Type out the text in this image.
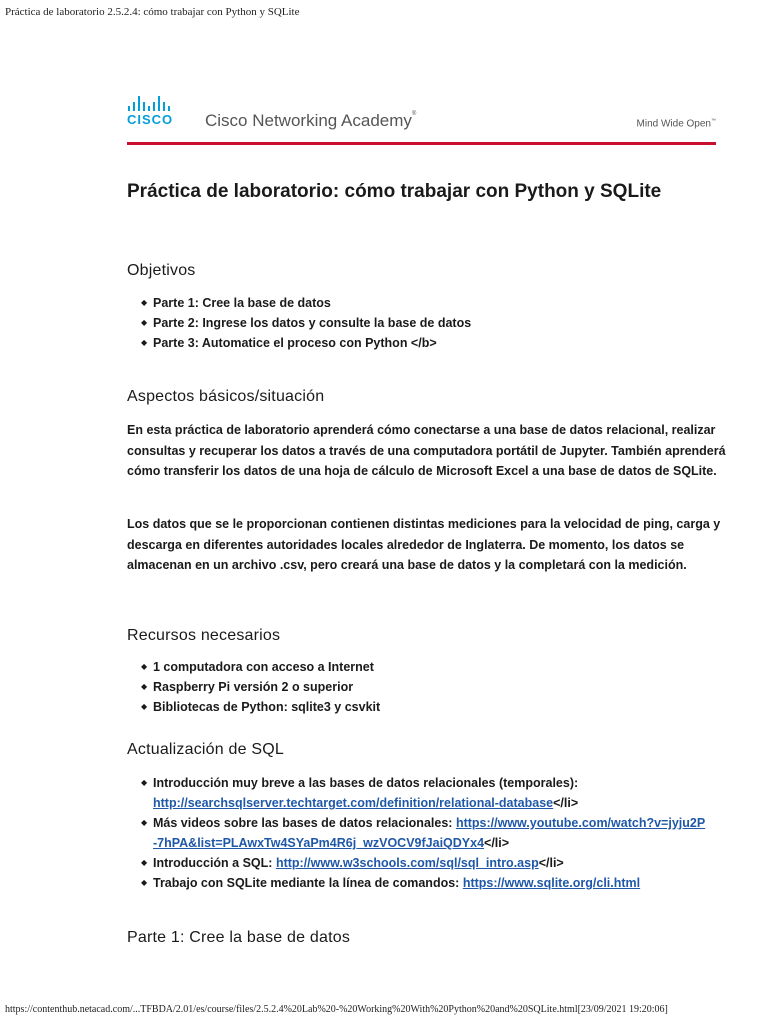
Práctica de laboratorio 2.5.2.4: cómo trabajar con Python y SQLite
CISCO	Cisco Networking Academy®
Mind Wide Open™
Práctica de laboratorio: cómo trabajar con Python y SQLite
Objetivos
◆ Parte 1: Cree la base de datos
◆ Parte 2: Ingrese los datos y consulte la base de datos
◆ Parte 3: Automatice el proceso con Python </b>
Aspectos básicos/situación

En esta práctica de laboratorio aprenderá cómo conectarse a una base de datos relacional, realizar consultas y recuperar los datos a través de una computadora portátil de Jupyter. También aprenderá cómo transferir los datos de una hoja de cálculo de Microsoft Excel a una base de datos de SQLite.

Los datos que se le proporcionan contienen distintas mediciones para la velocidad de ping, carga y descarga en diferentes autoridades locales alrededor de Inglaterra. De momento, los datos se almacenan en un archivo .csv, pero creará una base de datos y la completará con la medición.

Recursos necesarios
◆ 1 computadora con acceso a Internet
◆ Raspberry Pi versión 2 o superior
◆ Bibliotecas de Python: sqlite3 y csvkit
Actualización de SQL
◆ Introducción muy breve a las bases de datos relacionales (temporales):
http://searchsqlserver.techtarget.com/definition/relational-database</li>
◆ Más videos sobre las bases de datos relacionales: https://www.youtube.com/watch?v=jyju2P-7hPA&list=PLAwxTw4SYaPm4R6j_wzVOCV9fJaiQDYx4</li>
◆ Introducción a SQL: http://www.w3schools.com/sql/sql_intro.asp</li>
◆ Trabajo con SQLite mediante la línea de comandos: https://www.sqlite.org/cli.html
Parte 1: Cree la base de datos
https://contenthub.netacad.com/...TFBDA/2.01/es/course/files/2.5.2.4%20Lab%20-%20Working%20With%20Python%20and%20SQLite.html[23/09/2021 19:20:06]
